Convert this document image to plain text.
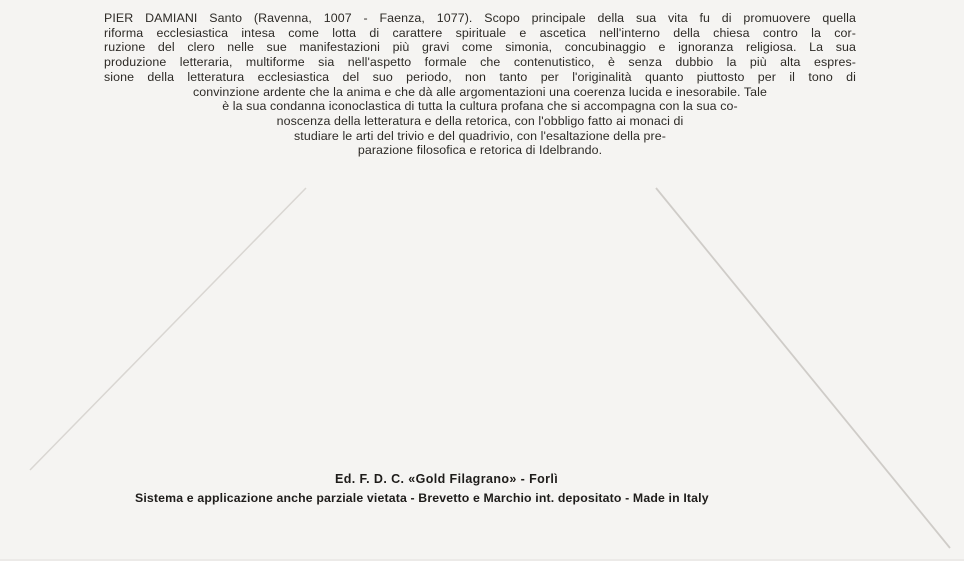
PIER DAMIANI Santo (Ravenna, 1007 - Faenza, 1077). Scopo principale della sua vita fu di promuovere quella
riforma ecclesiastica intesa come lotta di carattere spirituale e ascetica nell'interno della chiesa contro la cor-
ruzione del clero nelle sue manifestazioni più gravi come simonia, concubinaggio e ignoranza religiosa. La sua
produzione letteraria, multiforme sia nell'aspetto formale che contenutistico, è senza dubbio la più alta espres-
sione della letteratura ecclesiastica del suo periodo, non tanto per l'originalità quanto piuttosto per il tono di
convinzione ardente che la anima e che dà alle argomentazioni una coerenza lucida e inesorabile. Tale
è la sua condanna iconoclastica di tutta la cultura profana che si accompagna con la sua co-
noscenza della letteratura e della retorica, con l'obbligo fatto ai monaci di
studiare le arti del trivio e del quadrivio, con l'esaltazione della pre-
parazione filosofica e retorica di Idelbrando.
Ed. F. D. C. «Gold Filagrano» - Forlì
Sistema e applicazione anche parziale vietata - Brevetto e Marchio int. depositato - Made in Italy
